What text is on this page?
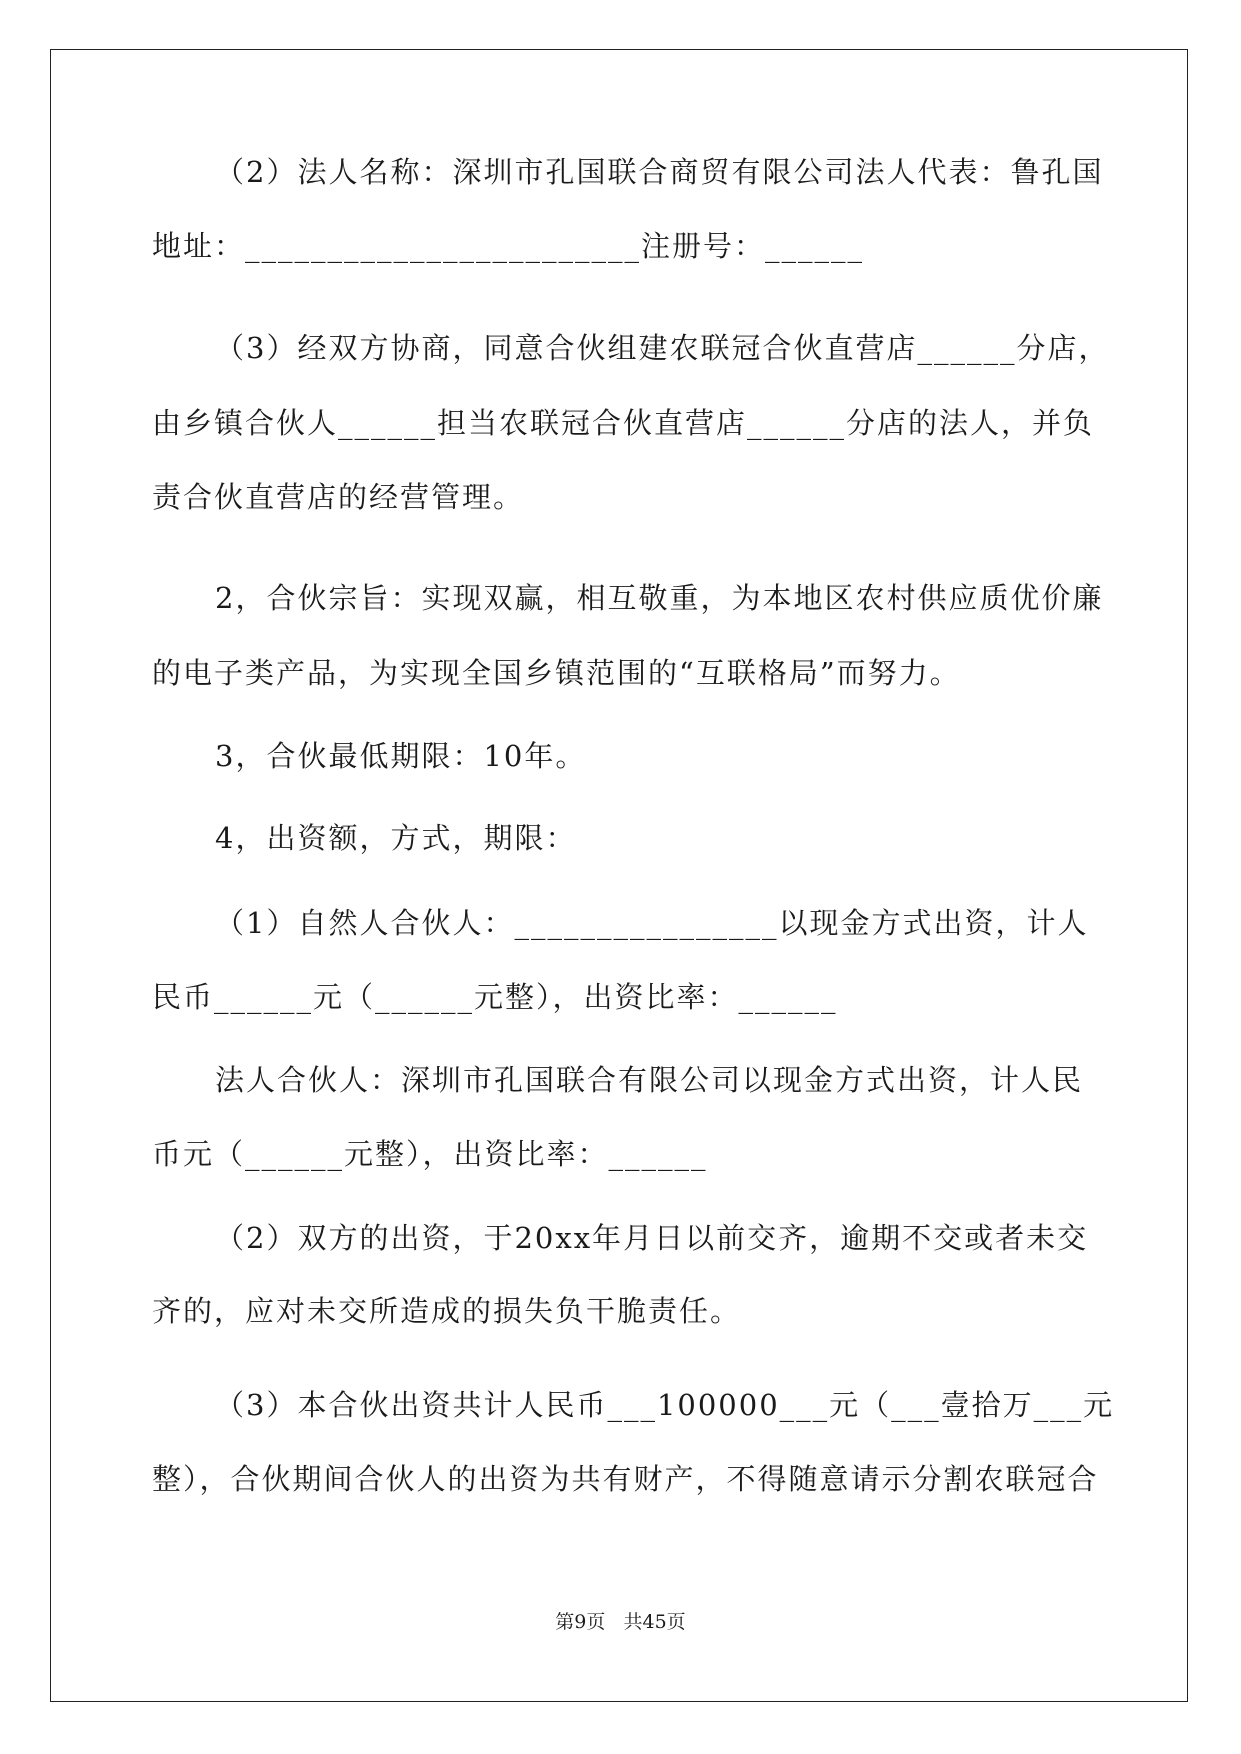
（2）法人名称：深圳市孔国联合商贸有限公司法人代表：鲁孔国
地址：________________________注册号：______
（3）经双方协商，同意合伙组建农联冠合伙直营店______分店，
由乡镇合伙人______担当农联冠合伙直营店______分店的法人，并负
责合伙直营店的经营管理。
2，合伙宗旨：实现双赢，相互敬重，为本地区农村供应质优价廉
的电子类产品，为实现全国乡镇范围的“互联格局”而努力。
3，合伙最低期限：10年。
4，出资额，方式，期限：
（1）自然人合伙人：________________以现金方式出资，计人
民币______元（______元整），出资比率：______
法人合伙人：深圳市孔国联合有限公司以现金方式出资，计人民
币元（______元整），出资比率：______
（2）双方的出资，于20xx年月日以前交齐，逾期不交或者未交
齐的，应对未交所造成的损失负干脆责任。
（3）本合伙出资共计人民币___100000___元（___壹拾万___元
整），合伙期间合伙人的出资为共有财产，不得随意请示分割农联冠合
第9页   共45页
